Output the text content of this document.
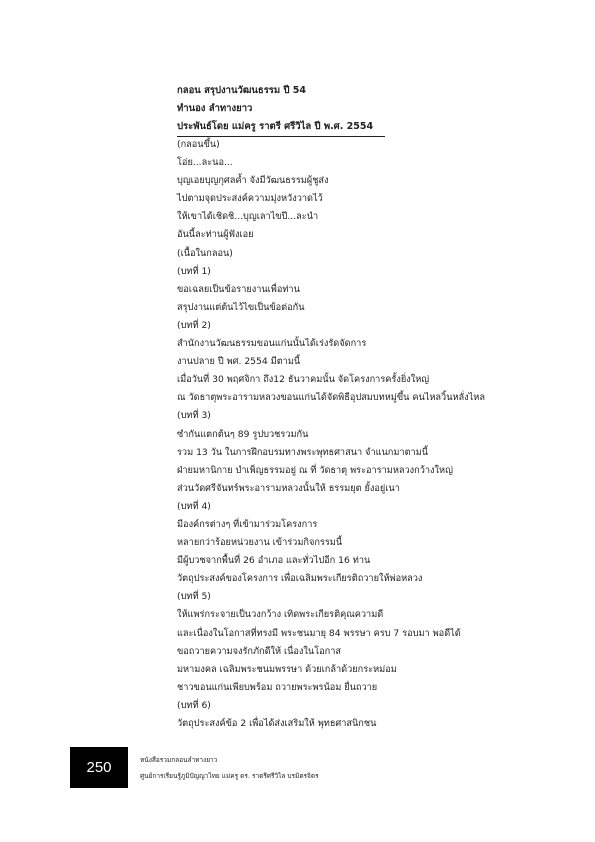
กลอน สรุปงานวัฒนธรรม ปี 54
ทำนอง ลำทางยาว
ประพันธ์โดย แม่ครู ราตรี ศรีวิไล ปี พ.ศ. 2554
(กลอนขึ้น)
โอ่ย...ละนอ...
บุญเอยบุญกุศลค้ำ จังมีวัฒนธรรมผู้ชูส่ง
ไปตามจุดประสงค์ความมุ่งหวังวาดไว้
ให้เขาได้เชิดชิ...บุญเลาไขปี...ละนำ
อันนี้ละท่านผู้ฟังเอย
(เนื้อในกลอน)
(บทที่ 1)
ขอเฉลยเป็นข้อรายงานเพื่อท่าน
สรุปงานแต่ต้นไว้ไขเป็นข้อต่อกัน
(บทที่ 2)
สำนักงานวัฒนธรรมขอนแก่นนั้นได้เร่งรัดจัดการ
งานปลาย ปี พศ. 2554 มีตามนี้
เมื่อวันที่ 30 พฤศจิกา ถึง12 ธันวาคมนั้น จัดโครงการครั้งยิ่งใหญ่
ณ วัดธาตุพระอารามหลวงขอนแก่นได้จัดพิธีอุปสมบทหมู่ขึ้น คนไหลวิ้นหลั่งไหล
(บทที่ 3)
ซำกันแตกต้นๆ 89 รูปบวชรวมกัน
รวม 13 วัน ในการฝึกอบรมทางพระพุทธศาสนา จำแนกมาตามนี้
ฝ่ายมหานิกาย บำเพ็ญธรรมอยู่ ณ ที่ วัดธาตุ พระอารามหลวงกว้างใหญ่
ส่วนวัดศรีจันทร์พระอารามหลวงนั้นให้ ธรรมยุต ยั้งอยู่เนา
(บทที่ 4)
มีองค์กรต่างๆ ที่เข้ามาร่วมโครงการ
หลายกว่าร้อยหน่วยงาน เข้าร่วมกิจกรรมนี้
มีผู้บวชจากพื้นที่ 26 อำเภอ และทั่วไปอีก 16 ท่าน
วัตถุประสงค์ของโครงการ เพื่อเฉลิมพระเกียรติถวายให้พ่อหลวง
(บทที่ 5)
ให้แพร่กระจายเป็นวงกว้าง เทิดพระเกียรติคุณความดี
และเนื่องในโอกาสที่ทรงมี พระชนมายุ 84 พรรษา ครบ 7 รอบมา พอดีได้
ขอถวายความจงรักภักดีให้ เนื่องในโอกาส
มหามงคล เฉลิมพระชนมพรรษา ด้วยเกล้าด้วยกระหม่อม
ชาวขอนแก่นเพียบพร้อม ถวายพระพรน้อม ยื่นถวาย
(บทที่ 6)
วัตถุประสงค์ข้อ 2 เพื่อได้ส่งเสริมให้ พุทธศาสนิกชน
250	หนังสือรวมกลอนลำทางยาว
ศูนย์การเรียนรู้ภูมิปัญญาไทย แม่ครู ดร. ราตรีศรีวิไล บรมิตรจิตร
